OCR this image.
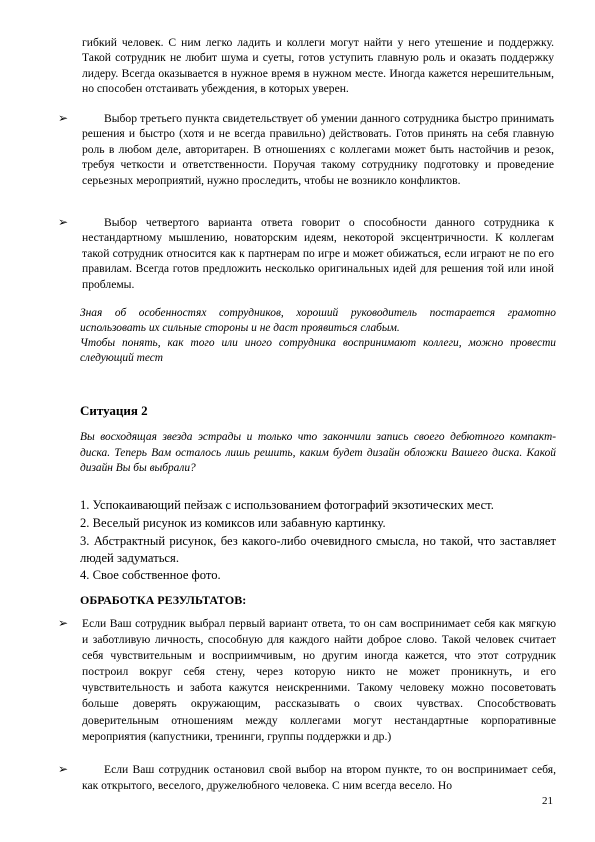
гибкий человек. С ним легко ладить и коллеги могут найти у него утешение и поддержку. Такой сотрудник не любит шума и суеты, готов уступить главную роль и оказать поддержку лидеру. Всегда оказывается в нужное время в нужном месте. Иногда кажется нерешительным, но способен отстаивать убеждения, в которых уверен.

➢	Выбор третьего пункта свидетельствует об умении данного сотрудника быстро принимать решения и быстро (хотя и не всегда правильно) действовать. Готов принять на себя главную роль в любом деле, авторитарен. В отношениях с коллегами может быть настойчив и резок, требуя четкости и ответственности. Поручая такому сотруднику подготовку и проведение серьезных мероприятий, нужно проследить, чтобы не возникло конфликтов.

➢	Выбор четвертого варианта ответа говорит о способности данного сотрудника к нестандартному мышлению, новаторским идеям, некоторой эксцентричности. К коллегам такой сотрудник относится как к партнерам по игре и может обижаться, если играют не по его правилам. Всегда готов предложить несколько оригинальных идей для решения той или иной проблемы.

Зная об особенностях сотрудников, хороший руководитель постарается грамотно использовать их сильные стороны и не даст проявиться слабым.

Чтобы понять, как того или иного сотрудника воспринимают коллеги, можно провести следующий тест

Ситуация 2

Вы восходящая звезда эстрады и только что закончили запись своего дебютного компакт-диска. Теперь Вам осталось лишь решить, каким будет дизайн обложки Вашего диска. Какой дизайн Вы бы выбрали?

1. Успокаивающий пейзаж с использованием фотографий экзотических мест.

2. Веселый рисунок из комиксов или забавную картинку.

3. Абстрактный рисунок, без какого-либо очевидного смысла, но такой, что заставляет людей задуматься.

4. Свое собственное фото.

ОБРАБОТКА РЕЗУЛЬТАТОВ:
➢	Если Ваш сотрудник выбрал первый вариант ответа, то он сам воспринимает себя как мягкую и заботливую личность, способную для каждого найти доброе слово. Такой человек считает себя чувствительным и восприимчивым, но другим иногда кажется, что этот сотрудник построил вокруг себя стену, через которую никто не может проникнуть, и его чувствительность и забота кажутся неискренними. Такому человеку можно посоветовать больше доверять окружающим, рассказывать о своих чувствах. Способствовать доверительным отношениям между коллегами могут нестандартные корпоративные мероприятия (капустники, тренинги, группы поддержки и др.)

➢	Если Ваш сотрудник остановил свой выбор на втором пункте, то он воспринимает себя, как открытого, веселого, дружелюбного человека. С ним всегда весело. Но

21
